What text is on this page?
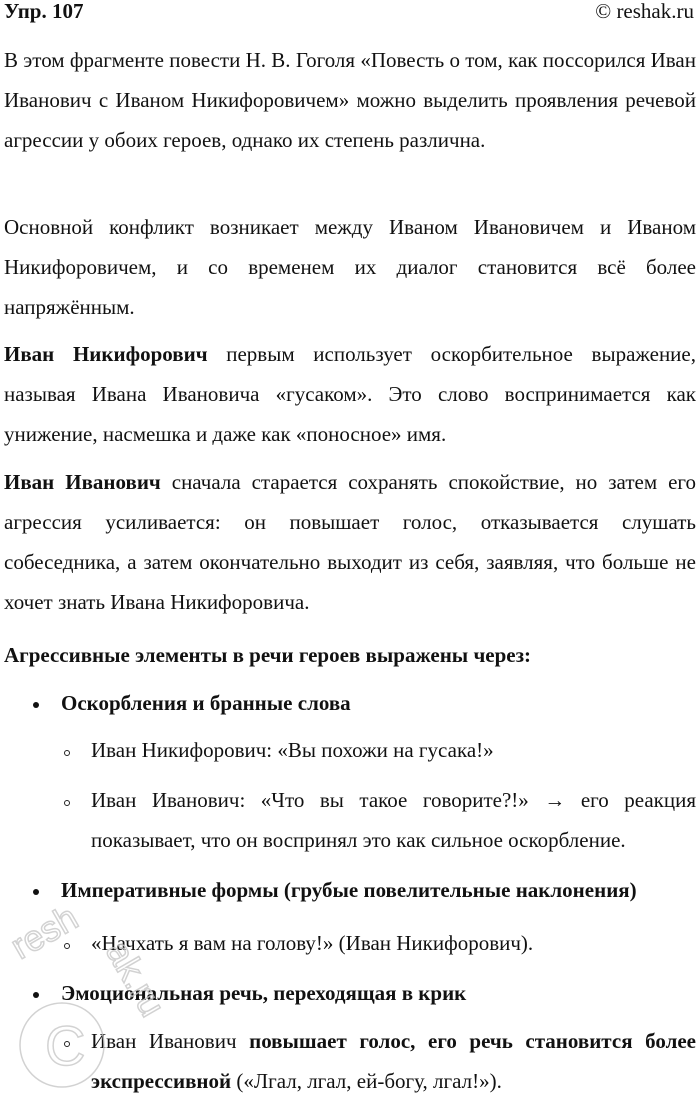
Упр. 107	© reshak.ru
В этом фрагменте повести Н. В. Гоголя «Повесть о том, как поссорился Иван Иванович с Иваном Никифоровичем» можно выделить проявления речевой агрессии у обоих героев, однако их степень различна.
Основной конфликт возникает между Иваном Ивановичем и Иваном Никифоровичем, и со временем их диалог становится всё более напряжённым.
Иван Никифорович первым использует оскорбительное выражение, называя Ивана Ивановича «гусаком». Это слово воспринимается как унижение, насмешка и даже как «поносное» имя.
Иван Иванович сначала старается сохранять спокойствие, но затем его агрессия усиливается: он повышает голос, отказывается слушать собеседника, а затем окончательно выходит из себя, заявляя, что больше не хочет знать Ивана Никифоровича.
Агрессивные элементы в речи героев выражены через:
Оскорбления и бранные слова
Иван Никифорович: «Вы похожи на гусака!»
Иван Иванович: «Что вы такое говорите?!» → его реакция показывает, что он воспринял это как сильное оскорбление.
Императивные формы (грубые повелительные наклонения)
«Начхать я вам на голову!» (Иван Никифорович).
Эмоциональная речь, переходящая в крик
Иван Иванович повышает голос, его речь становится более экспрессивной («Лгал, лгал, ей-богу, лгал!»).
C
resh
ak.ru
